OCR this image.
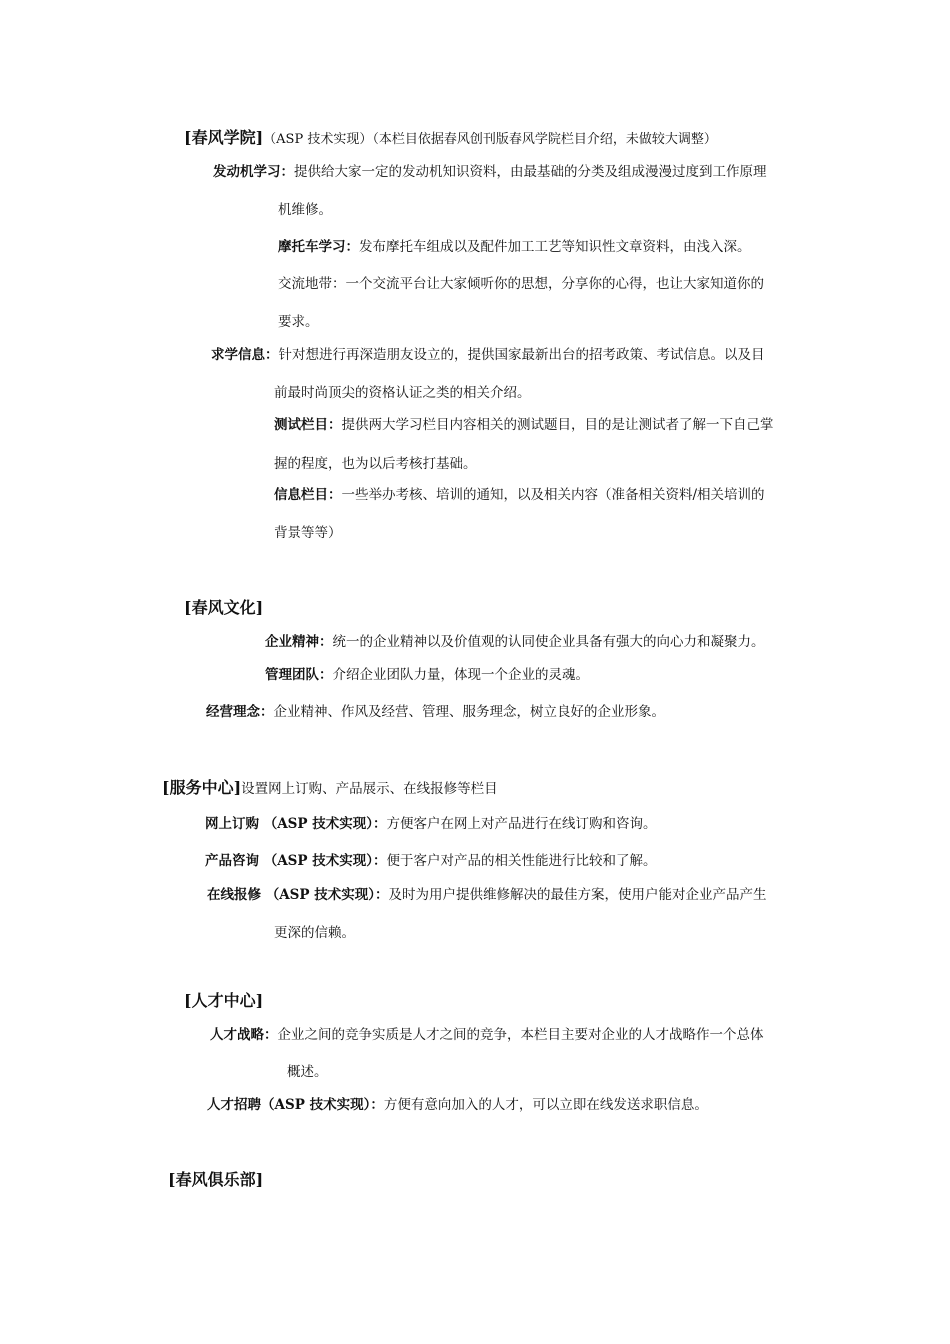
[春风学院]（ASP 技术实现）（本栏目依据春风创刊版春风学院栏目介绍，未做较大调整）
发动机学习：提供给大家一定的发动机知识资料，由最基础的分类及组成漫漫过度到工作原理
机维修。
摩托车学习：发布摩托车组成以及配件加工工艺等知识性文章资料，由浅入深。
交流地带：一个交流平台让大家倾听你的思想，分享你的心得，也让大家知道你的
要求。
求学信息：针对想进行再深造朋友设立的，提供国家最新出台的招考政策、考试信息。以及目
前最时尚顶尖的资格认证之类的相关介绍。
测试栏目：提供两大学习栏目内容相关的测试题目，目的是让测试者了解一下自己掌
握的程度，也为以后考核打基础。
信息栏目：一些举办考核、培训的通知，以及相关内容（准备相关资料/相关培训的
背景等等）
[春风文化]
企业精神：统一的企业精神以及价值观的认同使企业具备有强大的向心力和凝聚力。
管理团队：介绍企业团队力量，体现一个企业的灵魂。
经营理念：企业精神、作风及经营、管理、服务理念，树立良好的企业形象。
[服务中心]设置网上订购、产品展示、在线报修等栏目
网上订购 （ASP 技术实现）：方便客户在网上对产品进行在线订购和咨询。
产品咨询 （ASP 技术实现）：便于客户对产品的相关性能进行比较和了解。
在线报修 （ASP 技术实现）：及时为用户提供维修解决的最佳方案，使用户能对企业产品产生
更深的信赖。
[人才中心]
人才战略：企业之间的竞争实质是人才之间的竞争，本栏目主要对企业的人才战略作一个总体
概述。
人才招聘（ASP 技术实现）：方便有意向加入的人才，可以立即在线发送求职信息。
[春风俱乐部]
